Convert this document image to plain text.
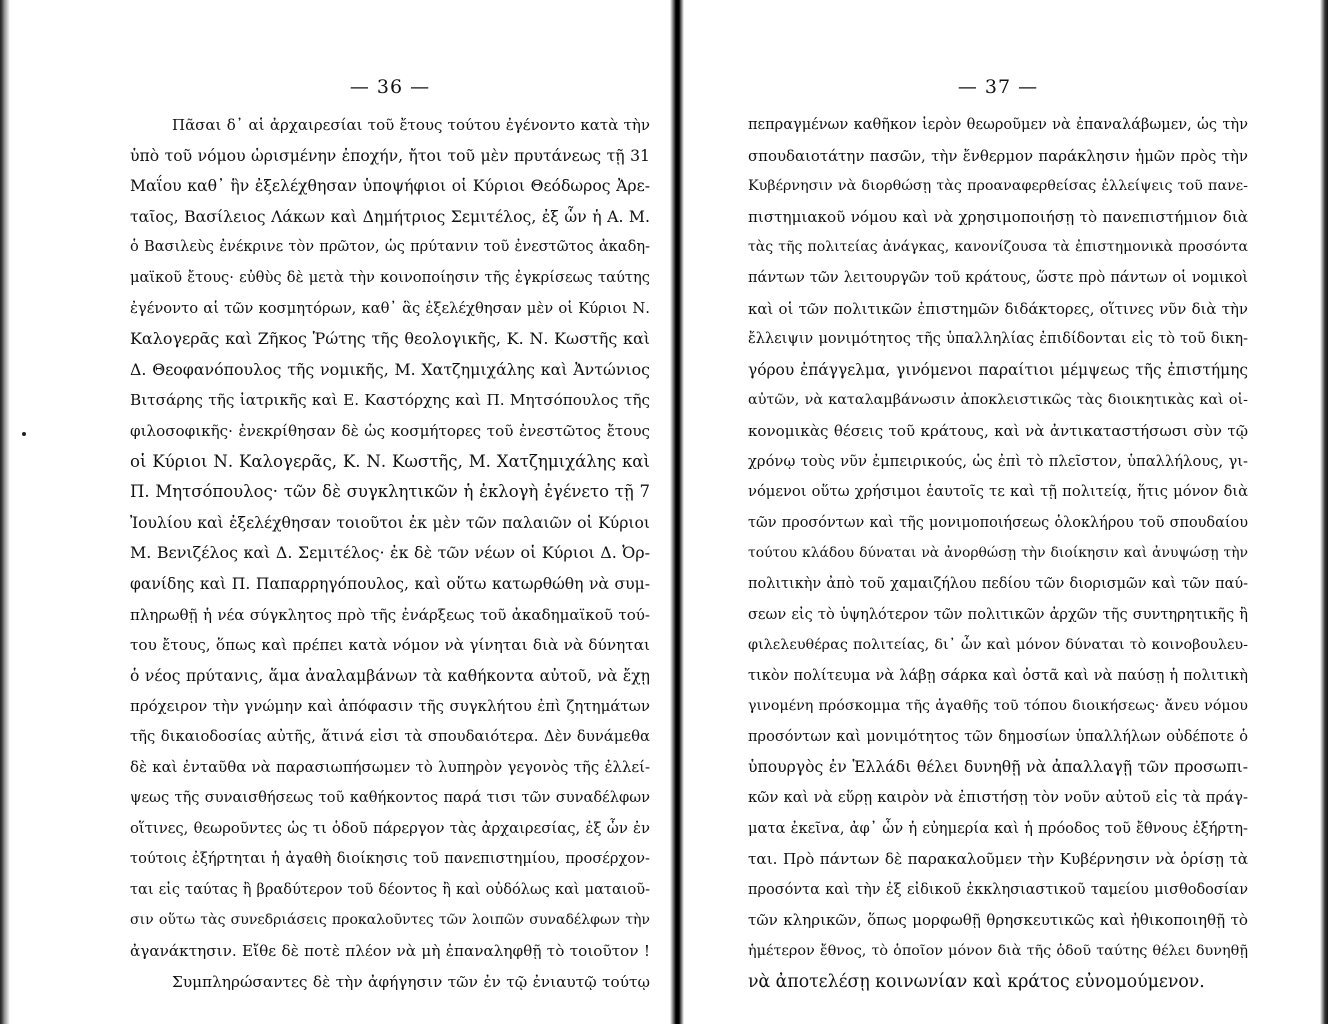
— 36 —
Πᾶσαι δ᾽ αἱ ἀρχαιρεσίαι τοῦ ἔτους τούτου ἐγένοντο κατὰ τὴν
ὑπὸ τοῦ νόμου ὡρισμένην ἐποχήν, ἤτοι τοῦ μὲν πρυτάνεως τῇ 31
Μαΐου καθ᾽ ἣν ἐξελέχθησαν ὑποψήφιοι οἱ Κύριοι Θεόδωρος Ἀρε-
ταῖος, Βασίλειος Λάκων καὶ Δημήτριος Σεμιτέλος, ἐξ ὧν ἡ Α. Μ.
ὁ Βασιλεὺς ἐνέκρινε τὸν πρῶτον, ὡς πρύτανιν τοῦ ἐνεστῶτος ἀκαδη-
μαϊκοῦ ἔτους· εὐθὺς δὲ μετὰ τὴν κοινοποίησιν τῆς ἐγκρίσεως ταύτης
ἐγένοντο αἱ τῶν κοσμητόρων, καθ᾽ ἃς ἐξελέχθησαν μὲν οἱ Κύριοι Ν.
Καλογερᾶς καὶ Ζῆκος Ῥώτης τῆς θεολογικῆς, Κ. Ν. Κωστῆς καὶ
Δ. Θεοφανόπουλος τῆς νομικῆς, Μ. Χατζημιχάλης καὶ Ἀντώνιος
Βιτσάρης τῆς ἰατρικῆς καὶ Ε. Καστόρχης καὶ Π. Μητσόπουλος τῆς
φιλοσοφικῆς· ἐνεκρίθησαν δὲ ὡς κοσμήτορες τοῦ ἐνεστῶτος ἔτους
οἱ Κύριοι Ν. Καλογερᾶς, Κ. Ν. Κωστῆς, Μ. Χατζημιχάλης καὶ
Π. Μητσόπουλος· τῶν δὲ συγκλητικῶν ἡ ἐκλογὴ ἐγένετο τῇ 7
Ἰουλίου καὶ ἐξελέχθησαν τοιοῦτοι ἐκ μὲν τῶν παλαιῶν οἱ Κύριοι
Μ. Βενιζέλος καὶ Δ. Σεμιτέλος· ἐκ δὲ τῶν νέων οἱ Κύριοι Δ. Ὀρ-
φανίδης καὶ Π. Παπαρρηγόπουλος, καὶ οὕτω κατωρθώθη νὰ συμ-
πληρωθῇ ἡ νέα σύγκλητος πρὸ τῆς ἐνάρξεως τοῦ ἀκαδημαϊκοῦ τού-
του ἔτους, ὅπως καὶ πρέπει κατὰ νόμον νὰ γίνηται διὰ νὰ δύνηται
ὁ νέος πρύτανις, ἅμα ἀναλαμβάνων τὰ καθήκοντα αὐτοῦ, νὰ ἔχῃ
πρόχειρον τὴν γνώμην καὶ ἀπόφασιν τῆς συγκλήτου ἐπὶ ζητημάτων
τῆς δικαιοδοσίας αὐτῆς, ἅτινά εἰσι τὰ σπουδαιότερα. Δὲν δυνάμεθα
δὲ καὶ ἐνταῦθα νὰ παρασιωπήσωμεν τὸ λυπηρὸν γεγονὸς τῆς ἐλλεί-
ψεως τῆς συναισθήσεως τοῦ καθήκοντος παρά τισι τῶν συναδέλφων
οἵτινες, θεωροῦντες ὡς τι ὁδοῦ πάρεργον τὰς ἀρχαιρεσίας, ἐξ ὧν ἐν
τούτοις ἐξήρτηται ἡ ἀγαθὴ διοίκησις τοῦ πανεπιστημίου, προσέρχον-
ται εἰς ταύτας ἢ βραδύτερον τοῦ δέοντος ἢ καὶ οὐδόλως καὶ ματαιοῦ-
σιν οὕτω τὰς συνεδριάσεις προκαλοῦντες τῶν λοιπῶν συναδέλφων τὴν
ἀγανάκτησιν. Εἴθε δὲ ποτὲ πλέον νὰ μὴ ἐπαναληφθῇ τὸ τοιοῦτον !
Συμπληρώσαντες δὲ τὴν ἀφήγησιν τῶν ἐν τῷ ἐνιαυτῷ τούτῳ
— 37 —
πεπραγμένων καθῆκον ἱερὸν θεωροῦμεν νὰ ἐπαναλάβωμεν, ὡς τὴν
σπουδαιοτάτην πασῶν, τὴν ἔνθερμον παράκλησιν ἡμῶν πρὸς τὴν
Κυβέρνησιν νὰ διορθώσῃ τὰς προαναφερθείσας ἐλλείψεις τοῦ πανε-
πιστημιακοῦ νόμου καὶ νὰ χρησιμοποιήσῃ τὸ πανεπιστήμιον διὰ
τὰς τῆς πολιτείας ἀνάγκας, κανονίζουσα τὰ ἐπιστημονικὰ προσόντα
πάντων τῶν λειτουργῶν τοῦ κράτους, ὥστε πρὸ πάντων οἱ νομικοὶ
καὶ οἱ τῶν πολιτικῶν ἐπιστημῶν διδάκτορες, οἵτινες νῦν διὰ τὴν
ἔλλειψιν μονιμότητος τῆς ὑπαλληλίας ἐπιδίδονται εἰς τὸ τοῦ δικη-
γόρου ἐπάγγελμα, γινόμενοι παραίτιοι μέμψεως τῆς ἐπιστήμης
αὐτῶν, νὰ καταλαμβάνωσιν ἀποκλειστικῶς τὰς διοικητικὰς καὶ οἰ-
κονομικὰς θέσεις τοῦ κράτους, καὶ νὰ ἀντικαταστήσωσι σὺν τῷ
χρόνῳ τοὺς νῦν ἐμπειρικούς, ὡς ἐπὶ τὸ πλεῖστον, ὑπαλλήλους, γι-
νόμενοι οὕτω χρήσιμοι ἑαυτοῖς τε καὶ τῇ πολιτείᾳ, ἥτις μόνον διὰ
τῶν προσόντων καὶ τῆς μονιμοποιήσεως ὁλοκλήρου τοῦ σπουδαίου
τούτου κλάδου δύναται νὰ ἀνορθώσῃ τὴν διοίκησιν καὶ ἀνυψώσῃ τὴν
πολιτικὴν ἀπὸ τοῦ χαμαιζήλου πεδίου τῶν διορισμῶν καὶ τῶν παύ-
σεων εἰς τὸ ὑψηλότερον τῶν πολιτικῶν ἀρχῶν τῆς συντηρητικῆς ἢ
φιλελευθέρας πολιτείας, δι᾽ ὧν καὶ μόνον δύναται τὸ κοινοβουλευ-
τικὸν πολίτευμα νὰ λάβῃ σάρκα καὶ ὀστᾶ καὶ νὰ παύσῃ ἡ πολιτικὴ
γινομένη πρόσκομμα τῆς ἀγαθῆς τοῦ τόπου διοικήσεως· ἄνευ νόμου
προσόντων καὶ μονιμότητος τῶν δημοσίων ὑπαλλήλων οὐδέποτε ὁ
ὑπουργὸς ἐν Ἑλλάδι θέλει δυνηθῇ νὰ ἀπαλλαγῇ τῶν προσωπι-
κῶν καὶ νὰ εὕρῃ καιρὸν νὰ ἐπιστήσῃ τὸν νοῦν αὐτοῦ εἰς τὰ πράγ-
ματα ἐκεῖνα, ἀφ᾽ ὧν ἡ εὐημερία καὶ ἡ πρόοδος τοῦ ἔθνους ἐξήρτη-
ται. Πρὸ πάντων δὲ παρακαλοῦμεν τὴν Κυβέρνησιν νὰ ὁρίσῃ τὰ
προσόντα καὶ τὴν ἐξ εἰδικοῦ ἐκκλησιαστικοῦ ταμείου μισθοδοσίαν
τῶν κληρικῶν, ὅπως μορφωθῇ θρησκευτικῶς καὶ ἠθικοποιηθῇ τὸ
ἡμέτερον ἔθνος, τὸ ὁποῖον μόνον διὰ τῆς ὁδοῦ ταύτης θέλει δυνηθῇ
νὰ ἀποτελέσῃ κοινωνίαν καὶ κράτος εὐνομούμενον.
